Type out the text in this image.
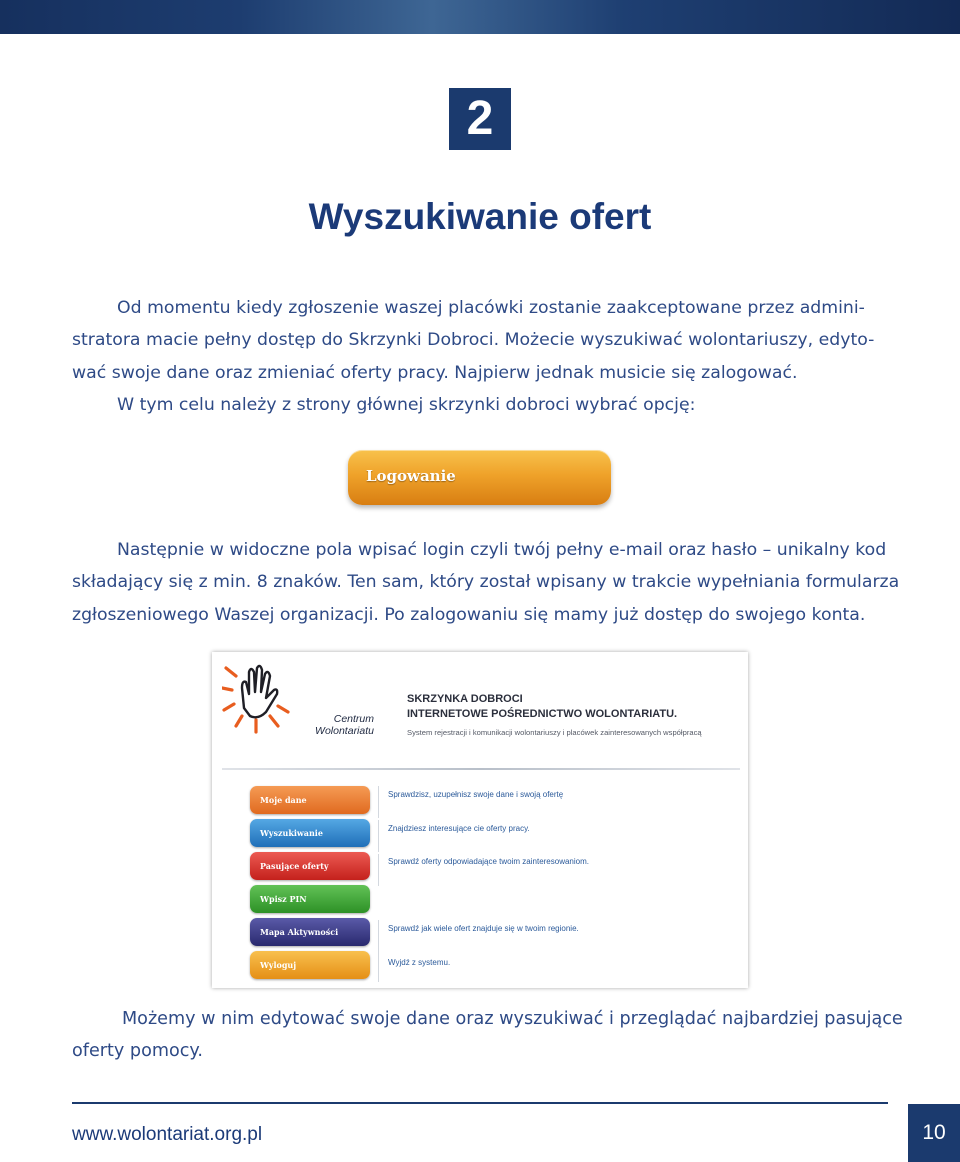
2
Wyszukiwanie ofert
Od momentu kiedy zgłoszenie waszej placówki zostanie zaakceptowane przez admini-
stratora macie pełny dostęp do Skrzynki Dobroci. Możecie wyszukiwać wolontariuszy, edyto-
wać swoje dane oraz zmieniać oferty pracy. Najpierw jednak musicie się zalogować.
W tym celu należy z strony głównej skrzynki dobroci wybrać opcję:
Logowanie
Następnie w widoczne pola wpisać login czyli twój pełny e-mail oraz hasło – unikalny kod
składający się z min. 8 znaków. Ten sam, który został wpisany w trakcie wypełniania formularza
zgłoszeniowego Waszej organizacji. Po zalogowaniu się mamy już dostęp do swojego konta.
Centrum
Wolontariatu
SKRZYNKA DOBROCI
INTERNETOWE POŚREDNICTWO WOLONTARIATU.
System rejestracji i komunikacji wolontariuszy i placówek zainteresowanych współpracą
Moje dane
Sprawdzisz, uzupełnisz swoje dane i swoją ofertę
Wyszukiwanie	Znajdziesz interesujące cie oferty pracy.
Pasujące oferty	Sprawdź oferty odpowiadające twoim zainteresowaniom.
Wpisz PIN
Mapa Aktywności	Sprawdź jak wiele ofert znajduje się w twoim regionie.
Wyloguj	Wyjdź z systemu.
Możemy w nim edytować swoje dane oraz wyszukiwać i przeglądać najbardziej pasujące
oferty pomocy.
www.wolontariat.org.pl	10
